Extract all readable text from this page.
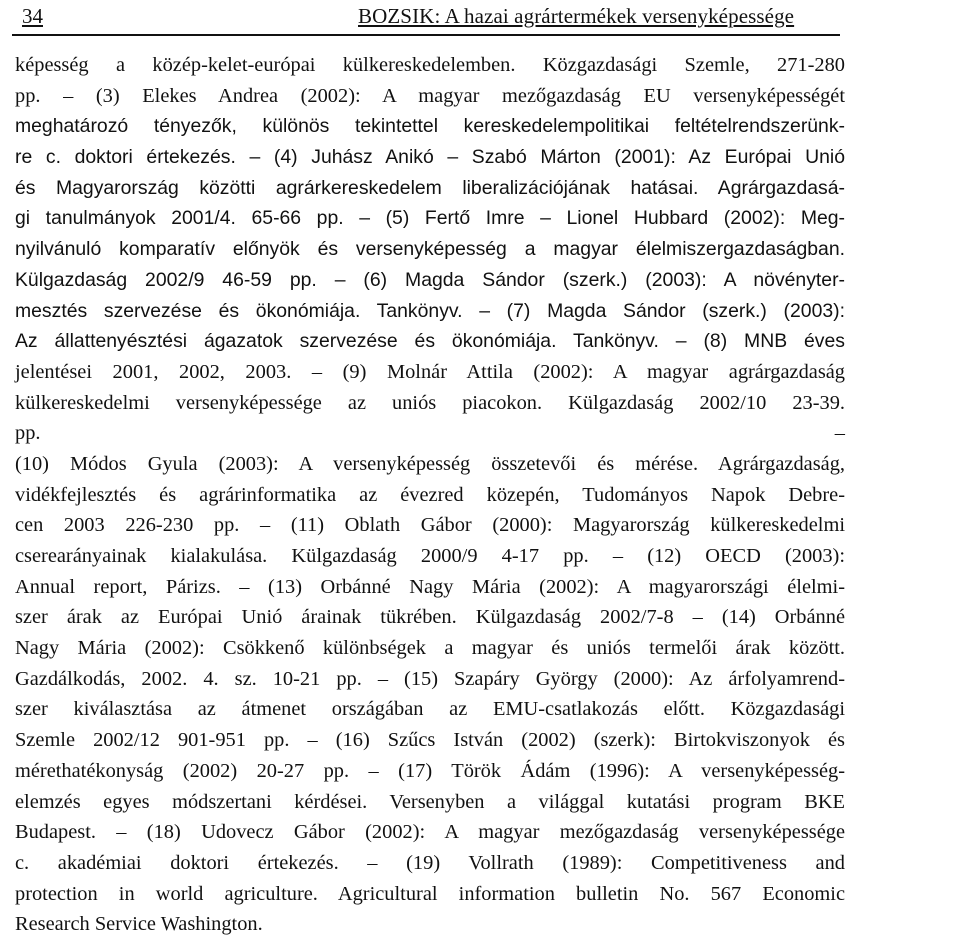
34	BOZSIK: A hazai agrártermékek versenyképessége
képesség a közép-kelet-európai külkereskedelemben. Közgazdasági Szemle, 271-280
pp. – (3) Elekes Andrea (2002): A magyar mezőgazdaság EU versenyképességét
meghatározó tényezők, különös tekintettel kereskedelempolitikai feltételrendszerünk-
re c. doktori értekezés. – (4) Juhász Anikó – Szabó Márton (2001): Az Európai Unió
és Magyarország közötti agrárkereskedelem liberalizációjának hatásai. Agrárgazdasá-
gi tanulmányok 2001/4. 65-66 pp. – (5) Fertő Imre – Lionel Hubbard (2002): Meg-
nyilvánuló komparatív előnyök és versenyképesség a magyar élelmiszergazdaságban.
Külgazdaság 2002/9 46-59 pp. – (6) Magda Sándor (szerk.) (2003): A növényter-
mesztés szervezése és ökonómiája. Tankönyv. – (7) Magda Sándor (szerk.) (2003):
Az állattenyésztési ágazatok szervezése és ökonómiája. Tankönyv. – (8) MNB éves
jelentései 2001, 2002, 2003. – (9) Molnár Attila (2002): A magyar agrárgazdaság
külkereskedelmi versenyképessége az uniós piacokon. Külgazdaság 2002/10 23-39.
pp. –
(10) Módos Gyula (2003): A versenyképesség összetevői és mérése. Agrárgazdaság,
vidékfejlesztés és agrárinformatika az évezred közepén, Tudományos Napok Debre-
cen 2003 226-230 pp. – (11) Oblath Gábor (2000): Magyarország külkereskedelmi
cserearányainak kialakulása. Külgazdaság 2000/9 4-17 pp. – (12) OECD (2003):
Annual report, Párizs. – (13) Orbánné Nagy Mária (2002): A magyarországi élelmi-
szer árak az Európai Unió árainak tükrében. Külgazdaság 2002/7-8 – (14) Orbánné
Nagy Mária (2002): Csökkenő különbségek a magyar és uniós termelői árak között.
Gazdálkodás, 2002. 4. sz. 10-21 pp. – (15) Szapáry György (2000): Az árfolyamrend-
szer kiválasztása az átmenet országában az EMU-csatlakozás előtt. Közgazdasági
Szemle 2002/12 901-951 pp. – (16) Szűcs István (2002) (szerk): Birtokviszonyok és
mérethatékonyság (2002) 20-27 pp. – (17) Török Ádám (1996): A versenyképesség-
elemzés egyes módszertani kérdései. Versenyben a világgal kutatási program BKE
Budapest. – (18) Udovecz Gábor (2002): A magyar mezőgazdaság versenyképessége
c. akadémiai doktori értekezés. – (19) Vollrath (1989): Competitiveness and
protection in world agriculture. Agricultural information bulletin No. 567 Economic
Research Service Washington.
